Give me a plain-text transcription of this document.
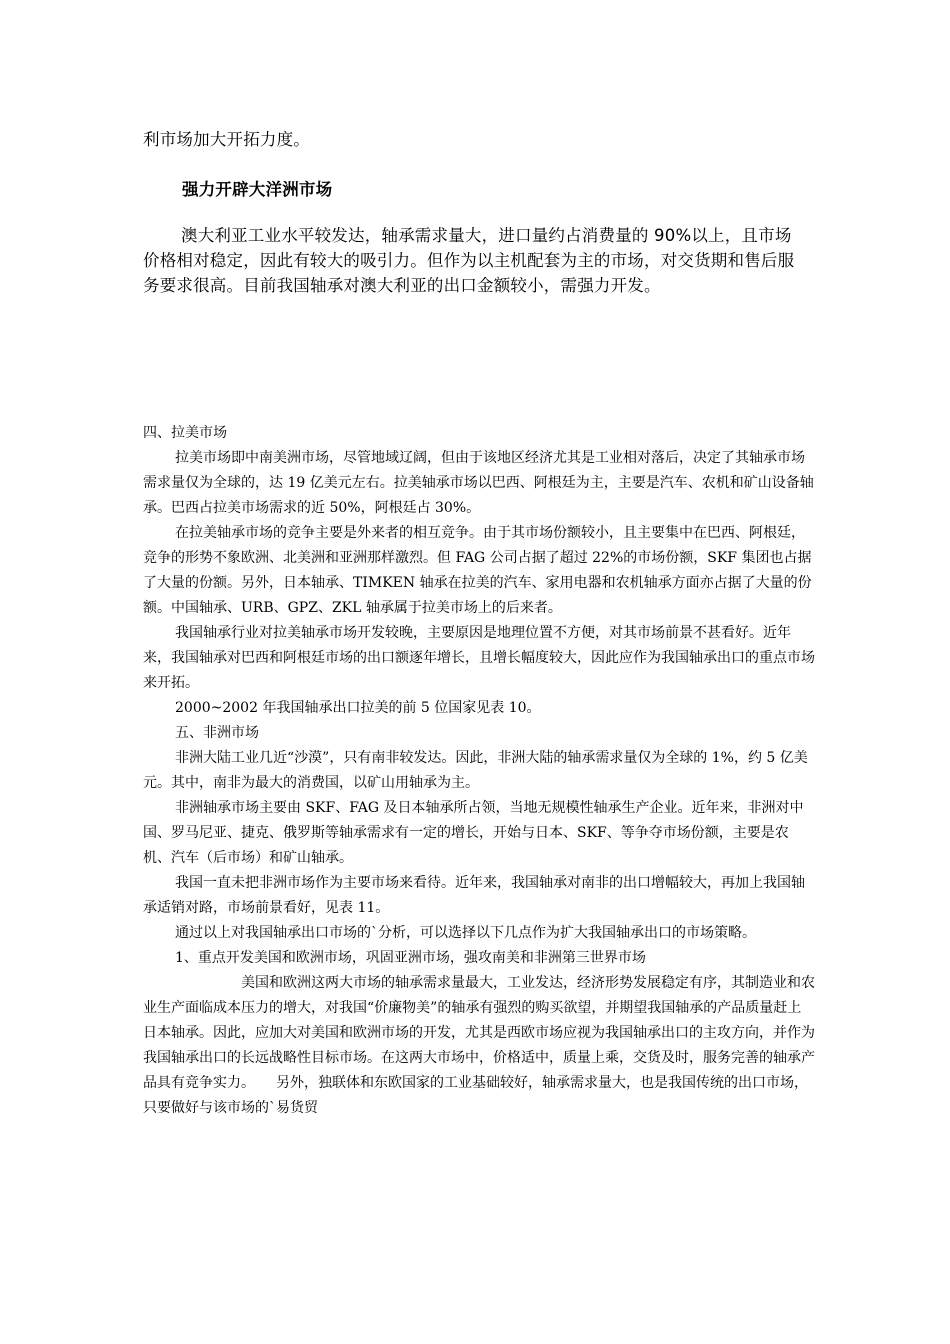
利市场加大开拓力度。

强力开辟大洋洲市场

澳大利亚工业水平较发达，轴承需求量大，进口量约占消费量的 90%以上，且市场价格相对稳定，因此有较大的吸引力。但作为以主机配套为主的市场，对交货期和售后服务要求很高。目前我国轴承对澳大利亚的出口金额较小，需强力开发。

四、拉美市场

拉美市场即中南美洲市场，尽管地域辽阔，但由于该地区经济尤其是工业相对落后，决定了其轴承市场需求量仅为全球的，达 19 亿美元左右。拉美轴承市场以巴西、阿根廷为主，主要是汽车、农机和矿山设备轴承。巴西占拉美市场需求的近 50%，阿根廷占 30%。

在拉美轴承市场的竞争主要是外来者的相互竞争。由于其市场份额较小，且主要集中在巴西、阿根廷，竞争的形势不象欧洲、北美洲和亚洲那样激烈。但 FAG 公司占据了超过 22%的市场份额，SKF 集团也占据了大量的份额。另外，日本轴承、TIMKEN 轴承在拉美的汽车、家用电器和农机轴承方面亦占据了大量的份额。中国轴承、URB、GPZ、ZKL 轴承属于拉美市场上的后来者。

我国轴承行业对拉美轴承市场开发较晚，主要原因是地理位置不方便，对其市场前景不甚看好。近年来，我国轴承对巴西和阿根廷市场的出口额逐年增长，且增长幅度较大，因此应作为我国轴承出口的重点市场来开拓。

2000~2002 年我国轴承出口拉美的前 5 位国家见表 10。

五、非洲市场

非洲大陆工业几近“沙漠”，只有南非较发达。因此，非洲大陆的轴承需求量仅为全球的 1%，约 5 亿美元。其中，南非为最大的消费国，以矿山用轴承为主。

非洲轴承市场主要由 SKF、FAG 及日本轴承所占领，当地无规模性轴承生产企业。近年来，非洲对中国、罗马尼亚、捷克、俄罗斯等轴承需求有一定的增长，开始与日本、SKF、等争夺市场份额，主要是农机、汽车（后市场）和矿山轴承。

我国一直未把非洲市场作为主要市场来看待。近年来，我国轴承对南非的出口增幅较大，再加上我国轴承适销对路，市场前景看好，见表 11。

通过以上对我国轴承出口市场的`分析，可以选择以下几点作为扩大我国轴承出口的市场策略。

1、重点开发美国和欧洲市场，巩固亚洲市场，强攻南美和非洲第三世界市场

美国和欧洲这两大市场的轴承需求量最大，工业发达，经济形势发展稳定有序，其制造业和农业生产面临成本压力的增大，对我国“价廉物美”的轴承有强烈的购买欲望，并期望我国轴承的产品质量赶上日本轴承。因此，应加大对美国和欧洲市场的开发，尤其是西欧市场应视为我国轴承出口的主攻方向，并作为我国轴承出口的长远战略性目标市场。在这两大市场中，价格适中，质量上乘，交货及时，服务完善的轴承产品具有竞争实力。　　另外，独联体和东欧国家的工业基础较好，轴承需求量大，也是我国传统的出口市场，只要做好与该市场的`易货贸
